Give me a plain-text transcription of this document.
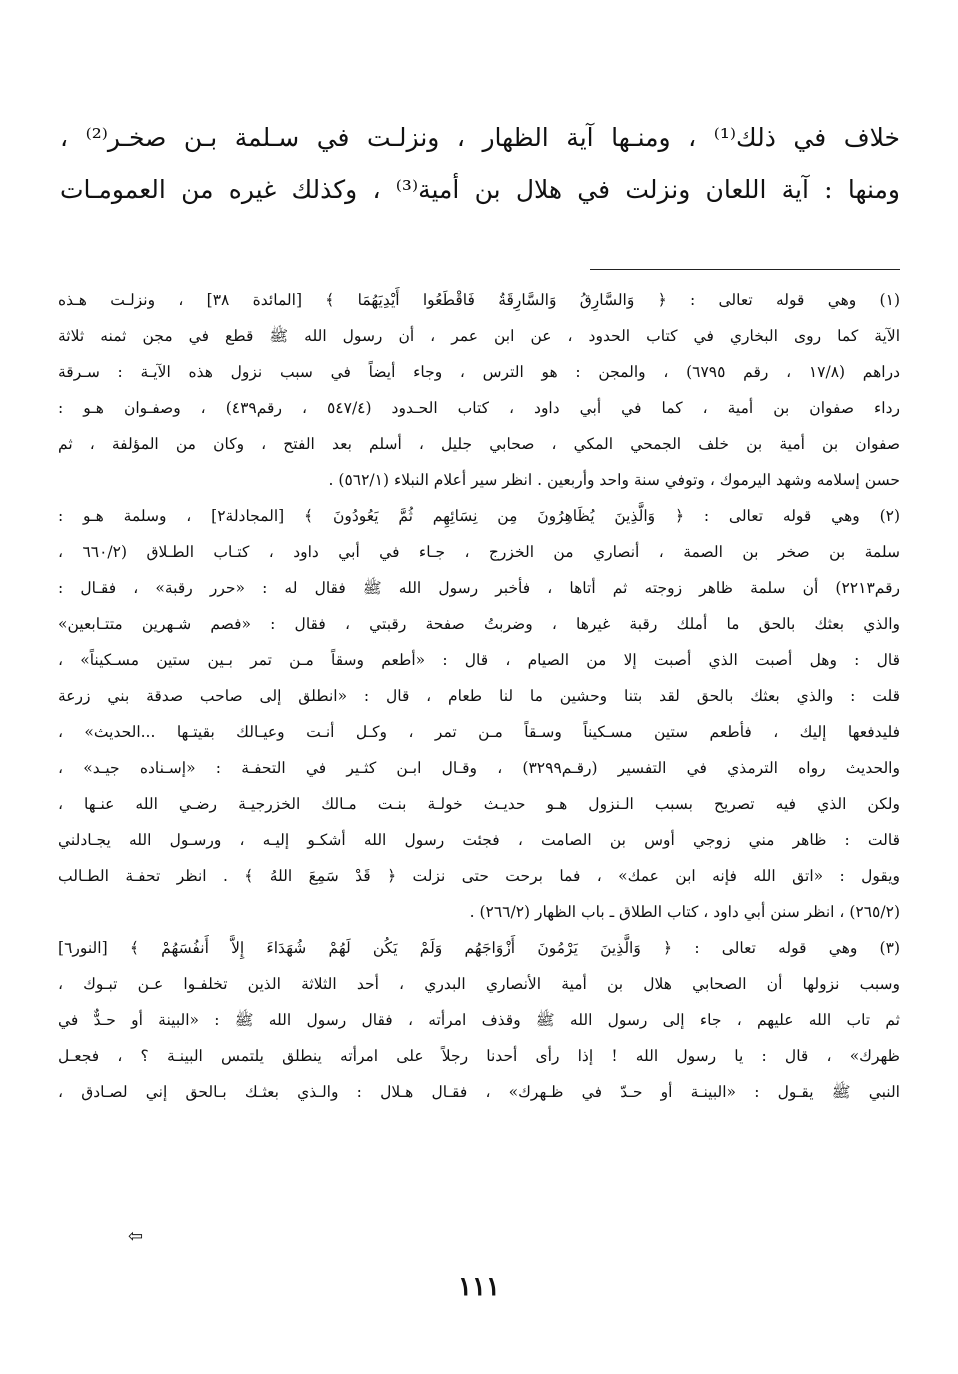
خلاف في ذلك⁽¹⁾ ، ومنـها آية الظهار ، ونزلـت في سـلمة بـن صخـر⁽²⁾ ،
ومنها : آية اللعان ونزلت في هلال بن أمية⁽³⁾ ، وكذلك غيره من العمومـات
(١) وهي قوله تعالى : ﴿ وَالسَّارِقُ وَالسَّارِقَةُ فَاقْطَعُوا أَيْدِيَهُمَا ﴾ [المائدة ٣٨] ، ونزلـت هـذه
الآية كما روى البخاري في كتاب الحدود ، عن ابن عمر ، أن رسول الله ﷺ قطع في مجن ثمنه ثلاثة
دراهم (١٧/٨ ، رقم ٦٧٩٥) ، والمجن : هو الترس ، وجاء أيضاً في سبب نزول هذه الآيـة : سـرقة
رداء صفوان بن أمية ، كما في أبي داود ، كتاب الحـدود (٥٤٧/٤ ، رقم٤٣٩) ، وصفـوان هـو :
صفوان بن أمية بن خلف الجمحي المكي ، صحابي جليل ، أسلم بعد الفتح ، وكان من المؤلفة ، ثم
حسن إسلامه وشهد اليرموك ، وتوفي سنة واحد وأربعين . انظر سير أعلام النبلاء (٥٦٢/١) .
(٢) وهي قوله تعالى : ﴿ وَالَّذِينَ يُظَاهِرُونَ مِن نِسَائِهِم ثُمَّ يَعُودُونَ ﴾ [المجادلة٢] ، وسلمة هـو :
سلمة بن صخر بن الصمة ، أنصاري من الخزرج ، جـاء في أبي داود ، كتـاب الطـلاق (٦٦٠/٢ ،
رقم٢٢١٣) أن سلمة ظاهر زوجته ثم أتاها ، فأخبر رسول الله ﷺ فقال له : «حرر رقبة» ، فقـال :
والذي بعثك بالحق ما أملك رقبة غيرها ، وضربتُ صفحة رقبتي ، فقال : «فصم شـهرين متتـابعين»
قال : وهل أصبت الذي أصبت إلا من الصيام ، قال : «أطعم وسقاً مـن تمر بـين ستين مسـكيناً» ،
قلت : والذي بعثك بالحق لقد بتنا وحشين ما لنا طعام ، قال : «انطلق إلى صاحب صدقة بني زرعة
فليدفعها إليك ، فأطعم ستين مسـكيناً وسـقاً مـن تمر ، وكـل أنـت وعيـالك بقيتـها ...الحديث» ،
والحديث رواه الترمذي في التفسير (رقـم٣٢٩٩) ، وقـال ابـن كثـير في التحفـة : «إسـناده جيـد» ،
ولكن الذي فيه تصريح بسبب الـنزول هـو حديـث خولـة بنـت مـالك الخزرجيـة رضـي الله عنـها ،
قالت : ظاهر مني زوجي أوس بن الصامت ، فجئت رسول الله أشكـو إليـه ، ورسـول الله يجـادلني
ويقول : «اتق الله فإنه ابن عمك» ، فما برحت حتى نزلت ﴿ قَدْ سَمِعَ اللهُ ﴾ . انظر تحفـة الطـالب
(٢٦٥/٢) ، انظر سنن أبي داود ، كتاب الطلاق ـ باب الظهار (٢٦٦/٢) .
(٣) وهي قوله تعالى : ﴿ وَالَّذِينَ يَرْمُونَ أَزْوَاجَهُم وَلَمْ يَكُن لَهُمْ شُهَدَاءَ إِلاَّ أَنفُسَهُمْ ﴾ [النور٦]
وسبب نزولها أن الصحابي هلال بن أمية الأنصاري البدري ، أحد الثلاثة الذين تخلفـوا عـن تبـوك ،
ثم تاب الله عليهم ، جاء إلى رسول الله ﷺ وقذف امرأته ، فقال رسول الله ﷺ : «البينة أو حـدٌّ في
ظهرك» ، قال : يا رسول الله ! إذا رأى أحدنا رجلاً على امرأته ينطلق يلتمس البينـة ؟ ، فجعـل
النبي ﷺ يقـول : «البينـة أو حـدّ في ظـهرك» ، فقـال هـلال : والـذي بعثـك بـالحق إني لصـادق ،
⇦
١١١
